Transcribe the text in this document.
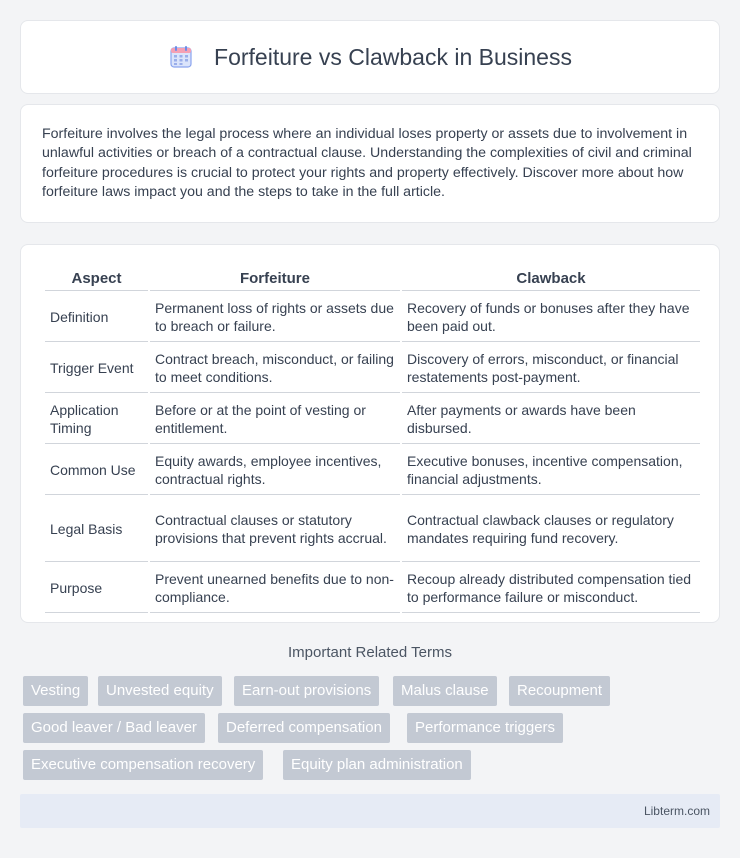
Forfeiture vs Clawback in Business

Forfeiture involves the legal process where an individual loses property or assets due to involvement in unlawful activities or breach of a contractual clause. Understanding the complexities of civil and criminal forfeiture procedures is crucial to protect your rights and property effectively. Discover more about how forfeiture laws impact you and the steps to take in the full article.

Aspect	Forfeiture	Clawback
Definition	Permanent loss of rights or assets due to breach or failure.	Recovery of funds or bonuses after they have been paid out.
Trigger Event	Contract breach, misconduct, or failing to meet conditions.	Discovery of errors, misconduct, or financial restatements post-payment.
Application Timing	Before or at the point of vesting or entitlement.	After payments or awards have been disbursed.
Common Use	Equity awards, employee incentives, contractual rights.	Executive bonuses, incentive compensation, financial adjustments.
Legal Basis	Contractual clauses or statutory provisions that prevent rights accrual.	Contractual clawback clauses or regulatory mandates requiring fund recovery.
Purpose	Prevent unearned benefits due to non-compliance.	Recoup already distributed compensation tied to performance failure or misconduct.
Important Related Terms
Vesting	Unvested equity	Earn-out provisions	Malus clause	Recoupment
Good leaver / Bad leaver	Deferred compensation	Performance triggers
Executive compensation recovery	Equity plan administration
Libterm.com
